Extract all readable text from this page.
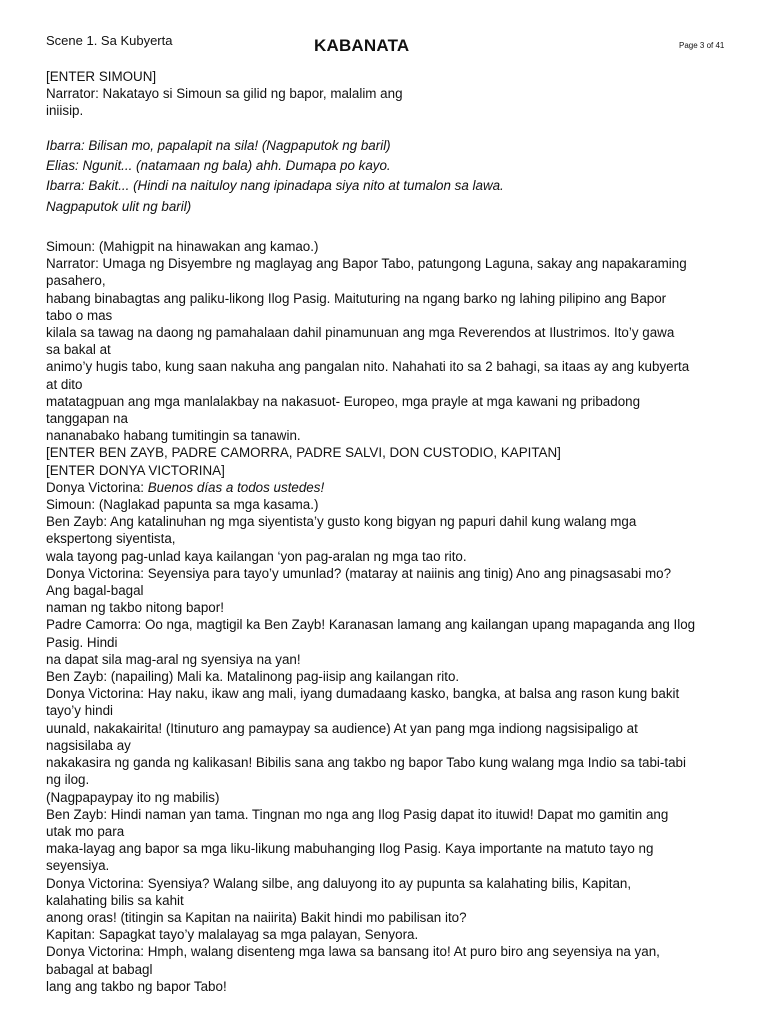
Scene 1. Sa Kubyerta	KABANATA	Page 3 of 41
[ENTER SIMOUN]
Narrator: Nakatayo si Simoun sa gilid ng bapor, malalim ang
iniisip.
Ibarra: Bilisan mo, papalapit na sila! (Nagpaputok ng baril)
Elias: Ngunit... (natamaan ng bala) ahh. Dumapa po kayo.
Ibarra: Bakit... (Hindi na naituloy nang ipinadapa siya nito at tumalon sa lawa.
Nagpaputok ulit ng baril)
Simoun: (Mahigpit na hinawakan ang kamao.)
Narrator: Umaga ng Disyembre ng maglayag ang Bapor Tabo, patungong Laguna, sakay ang napakaraming
pasahero,
habang binabagtas ang paliku-likong Ilog Pasig. Maituturing na ngang barko ng lahing pilipino ang Bapor
tabo o mas
kilala sa tawag na daong ng pamahalaan dahil pinamunuan ang mga Reverendos at Ilustrimos. Ito’y gawa
sa bakal at
animo’y hugis tabo, kung saan nakuha ang pangalan nito. Nahahati ito sa 2 bahagi, sa itaas ay ang kubyerta
at dito
matatagpuan ang mga manlalakbay na nakasuot- Europeo, mga prayle at mga kawani ng pribadong
tanggapan na
nananabako habang tumitingin sa tanawin.
[ENTER BEN ZAYB, PADRE CAMORRA, PADRE SALVI, DON CUSTODIO, KAPITAN]
[ENTER DONYA VICTORINA]
Donya Victorina: Buenos días a todos ustedes!
Simoun: (Naglakad papunta sa mga kasama.)
Ben Zayb: Ang katalinuhan ng mga siyentista’y gusto kong bigyan ng papuri dahil kung walang mga
ekspertong siyentista,
wala tayong pag-unlad kaya kailangan ‘yon pag-aralan ng mga tao rito.
Donya Victorina: Seyensiya para tayo’y umunlad? (mataray at naiinis ang tinig) Ano ang pinagsasabi mo?
Ang bagal-bagal
naman ng takbo nitong bapor!
Padre Camorra: Oo nga, magtigil ka Ben Zayb! Karanasan lamang ang kailangan upang mapaganda ang Ilog
Pasig. Hindi
na dapat sila mag-aral ng syensiya na yan!
Ben Zayb: (napailing) Mali ka. Matalinong pag-iisip ang kailangan rito.
Donya Victorina: Hay naku, ikaw ang mali, iyang dumadaang kasko, bangka, at balsa ang rason kung bakit
tayo’y hindi
uunald, nakakairita! (Itinuturo ang pamaypay sa audience) At yan pang mga indiong nagsisipaligo at
nagsisilaba ay
nakakasira ng ganda ng kalikasan! Bibilis sana ang takbo ng bapor Tabo kung walang mga Indio sa tabi-tabi
ng ilog.
(Nagpapaypay ito ng mabilis)
Ben Zayb: Hindi naman yan tama. Tingnan mo nga ang Ilog Pasig dapat ito ituwid! Dapat mo gamitin ang
utak mo para
maka-layag ang bapor sa mga liku-likung mabuhanging Ilog Pasig. Kaya importante na matuto tayo ng
seyensiya.
Donya Victorina: Syensiya? Walang silbe, ang daluyong ito ay pupunta sa kalahating bilis, Kapitan,
kalahating bilis sa kahit
anong oras! (titingin sa Kapitan na naiirita) Bakit hindi mo pabilisan ito?
Kapitan: Sapagkat tayo’y malalayag sa mga palayan, Senyora.
Donya Victorina: Hmph, walang disenteng mga lawa sa bansang ito! At puro biro ang seyensiya na yan,
babagal at babagl
lang ang takbo ng bapor Tabo!
